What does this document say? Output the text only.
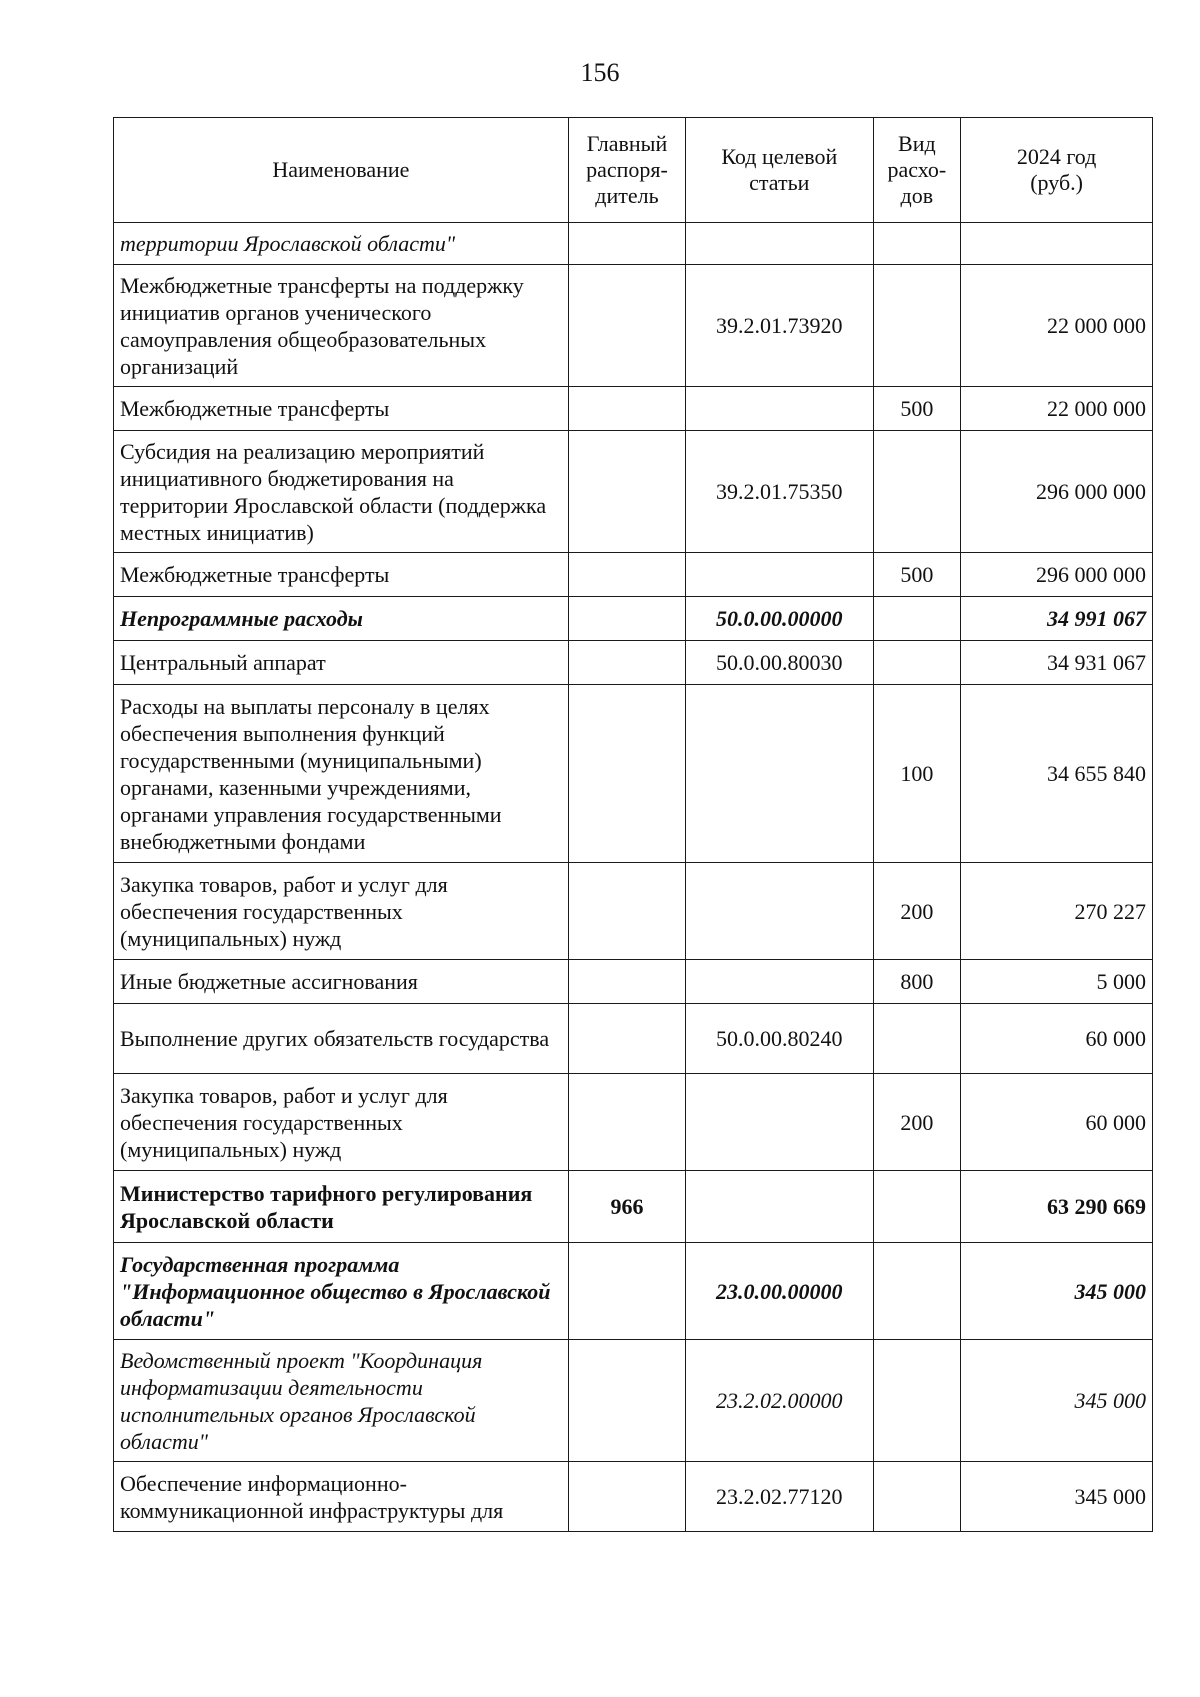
156
Наименование	Главный распоря-дитель	Код целевой статьи	Вид расхо-дов	2024 год (руб.)
территории Ярославской области"				
Межбюджетные трансферты на поддержку инициатив органов ученического самоуправления общеобразовательных организаций		39.2.01.73920		22 000 000
Межбюджетные трансферты			500	22 000 000
Субсидия на реализацию мероприятий инициативного бюджетирования на территории Ярославской области (поддержка местных инициатив)		39.2.01.75350		296 000 000
Межбюджетные трансферты			500	296 000 000
Непрограммные расходы		50.0.00.00000		34 991 067
Центральный аппарат		50.0.00.80030		34 931 067
Расходы на выплаты персоналу в целях обеспечения выполнения функций государственными (муниципальными) органами, казенными учреждениями, органами управления государственными внебюджетными фондами			100	34 655 840
Закупка товаров, работ и услуг для обеспечения государственных (муниципальных) нужд			200	270 227
Иные бюджетные ассигнования			800	5 000
Выполнение других обязательств государства		50.0.00.80240		60 000
Закупка товаров, работ и услуг для обеспечения государственных (муниципальных) нужд			200	60 000
Министерство тарифного регулирования Ярославской области	966			63 290 669
Государственная программа "Информационное общество в Ярославской области"		23.0.00.00000		345 000
Ведомственный проект "Координация информатизации деятельности исполнительных органов Ярославской области"		23.2.02.00000		345 000
Обеспечение информационно-коммуникационной инфраструктуры для		23.2.02.77120		345 000
